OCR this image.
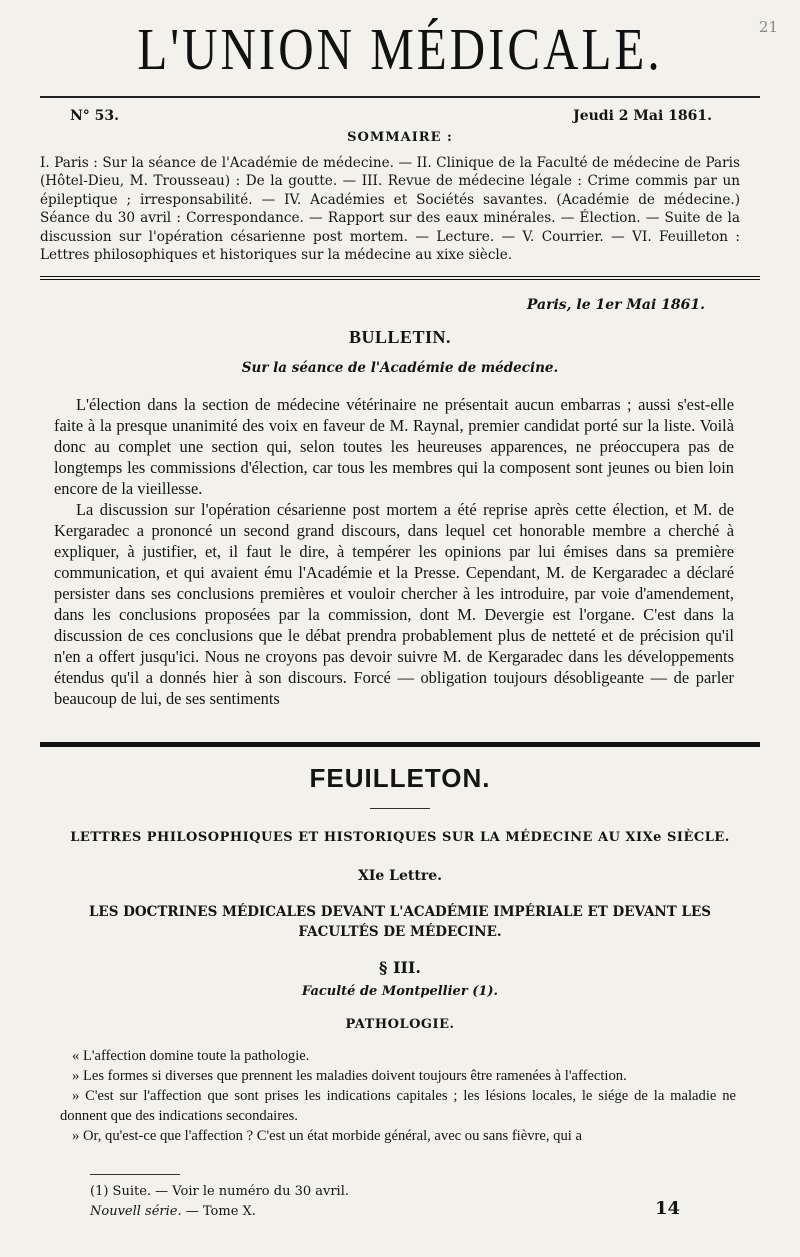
L'UNION MÉDICALE.	21
N° 53.	Jeudi 2 Mai 1861.
SOMMAIRE :
I. Paris : Sur la séance de l'Académie de médecine. — II. Clinique de la Faculté de médecine de Paris (Hôtel-Dieu, M. Trousseau) : De la goutte. — III. Revue de médecine légale : Crime commis par un épileptique ; irresponsabilité. — IV. Académies et Sociétés savantes. (Académie de médecine.) Séance du 30 avril : Correspondance. — Rapport sur des eaux minérales. — Élection. — Suite de la discussion sur l'opération césarienne post mortem. — Lecture. — V. Courrier. — VI. Feuilleton : Lettres philosophiques et historiques sur la médecine au xixe siècle.
Paris, le 1er Mai 1861.
BULLETIN.
Sur la séance de l'Académie de médecine.

L'élection dans la section de médecine vétérinaire ne présentait aucun embarras ; aussi s'est-elle faite à la presque unanimité des voix en faveur de M. Raynal, premier candidat porté sur la liste. Voilà donc au complet une section qui, selon toutes les heureuses apparences, ne préoccupera pas de longtemps les commissions d'élection, car tous les membres qui la composent sont jeunes ou bien loin encore de la vieillesse.

La discussion sur l'opération césarienne post mortem a été reprise après cette élection, et M. de Kergaradec a prononcé un second grand discours, dans lequel cet honorable membre a cherché à expliquer, à justifier, et, il faut le dire, à tempérer les opinions par lui émises dans sa première communication, et qui avaient ému l'Académie et la Presse. Cependant, M. de Kergaradec a déclaré persister dans ses conclusions premières et vouloir chercher à les introduire, par voie d'amendement, dans les conclusions proposées par la commission, dont M. Devergie est l'organe. C'est dans la discussion de ces conclusions que le débat prendra probablement plus de netteté et de précision qu'il n'en a offert jusqu'ici. Nous ne croyons pas devoir suivre M. de Kergaradec dans les développements étendus qu'il a donnés hier à son discours. Forcé — obligation toujours désobligeante — de parler beaucoup de lui, de ses sentiments

FEUILLETON.
LETTRES PHILOSOPHIQUES ET HISTORIQUES SUR LA MÉDECINE AU XIXe SIÈCLE.
XIe Lettre.
LES DOCTRINES MÉDICALES DEVANT L'ACADÉMIE IMPÉRIALE ET DEVANT LES FACULTÉS DE MÉDECINE.
§ III.
Faculté de Montpellier (1).
PATHOLOGIE.

« L'affection domine toute la pathologie.

» Les formes si diverses que prennent les maladies doivent toujours être ramenées à l'affection.

» C'est sur l'affection que sont prises les indications capitales ; les lésions locales, le siége de la maladie ne donnent que des indications secondaires.

» Or, qu'est-ce que l'affection ? C'est un état morbide général, avec ou sans fièvre, qui a

(1) Suite. — Voir le numéro du 30 avril.
Nouvell série. — Tome X.	14
